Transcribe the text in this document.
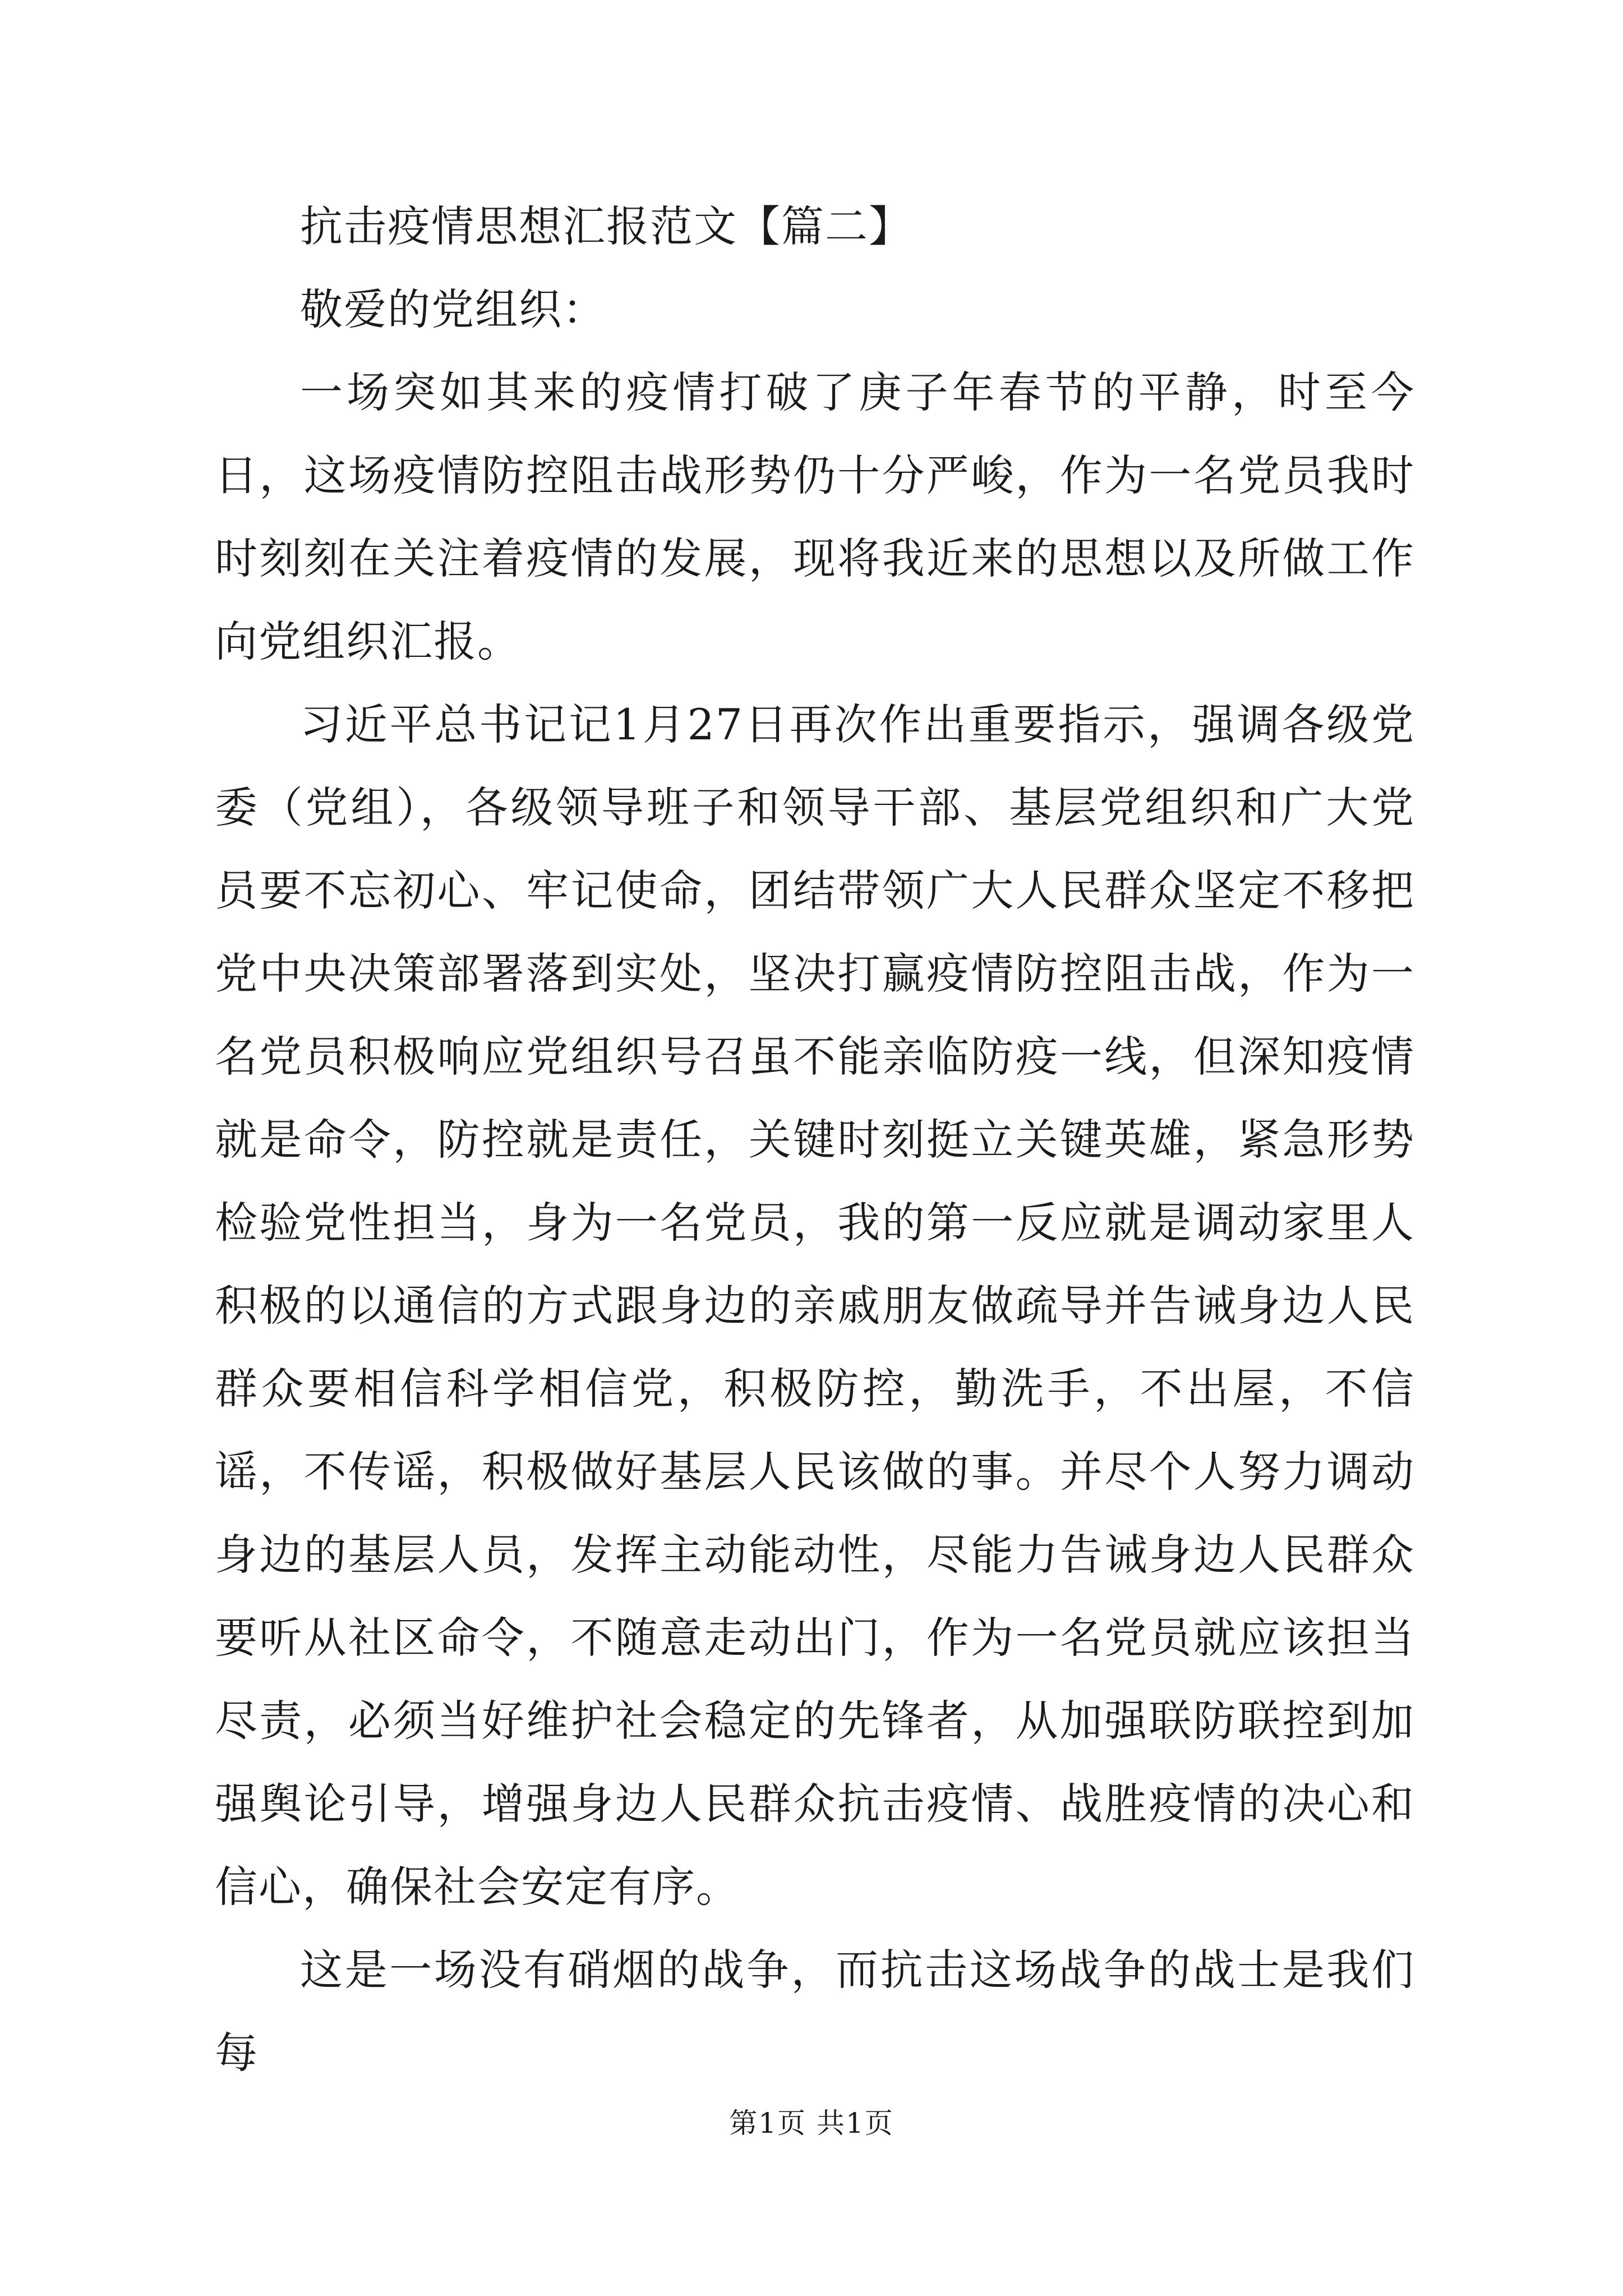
抗击疫情思想汇报范文【篇二】

敬爱的党组织：

一场突如其来的疫情打破了庚子年春节的平静，时至今日，这场疫情防控阻击战形势仍十分严峻，作为一名党员我时时刻刻在关注着疫情的发展，现将我近来的思想以及所做工作向党组织汇报。

习近平总书记记1月27日再次作出重要指示，强调各级党委（党组），各级领导班子和领导干部、基层党组织和广大党员要不忘初心、牢记使命，团结带领广大人民群众坚定不移把党中央决策部署落到实处，坚决打赢疫情防控阻击战，作为一名党员积极响应党组织号召虽不能亲临防疫一线，但深知疫情就是命令，防控就是责任，关键时刻挺立关键英雄，紧急形势检验党性担当，身为一名党员，我的第一反应就是调动家里人积极的以通信的方式跟身边的亲戚朋友做疏导并告诫身边人民群众要相信科学相信党，积极防控，勤洗手，不出屋，不信谣，不传谣，积极做好基层人民该做的事。并尽个人努力调动身边的基层人员，发挥主动能动性，尽能力告诫身边人民群众要听从社区命令，不随意走动出门，作为一名党员就应该担当尽责，必须当好维护社会稳定的先锋者，从加强联防联控到加强舆论引导，增强身边人民群众抗击疫情、战胜疫情的决心和信心，确保社会安定有序。

这是一场没有硝烟的战争，而抗击这场战争的战士是我们每

第1页 共1页
